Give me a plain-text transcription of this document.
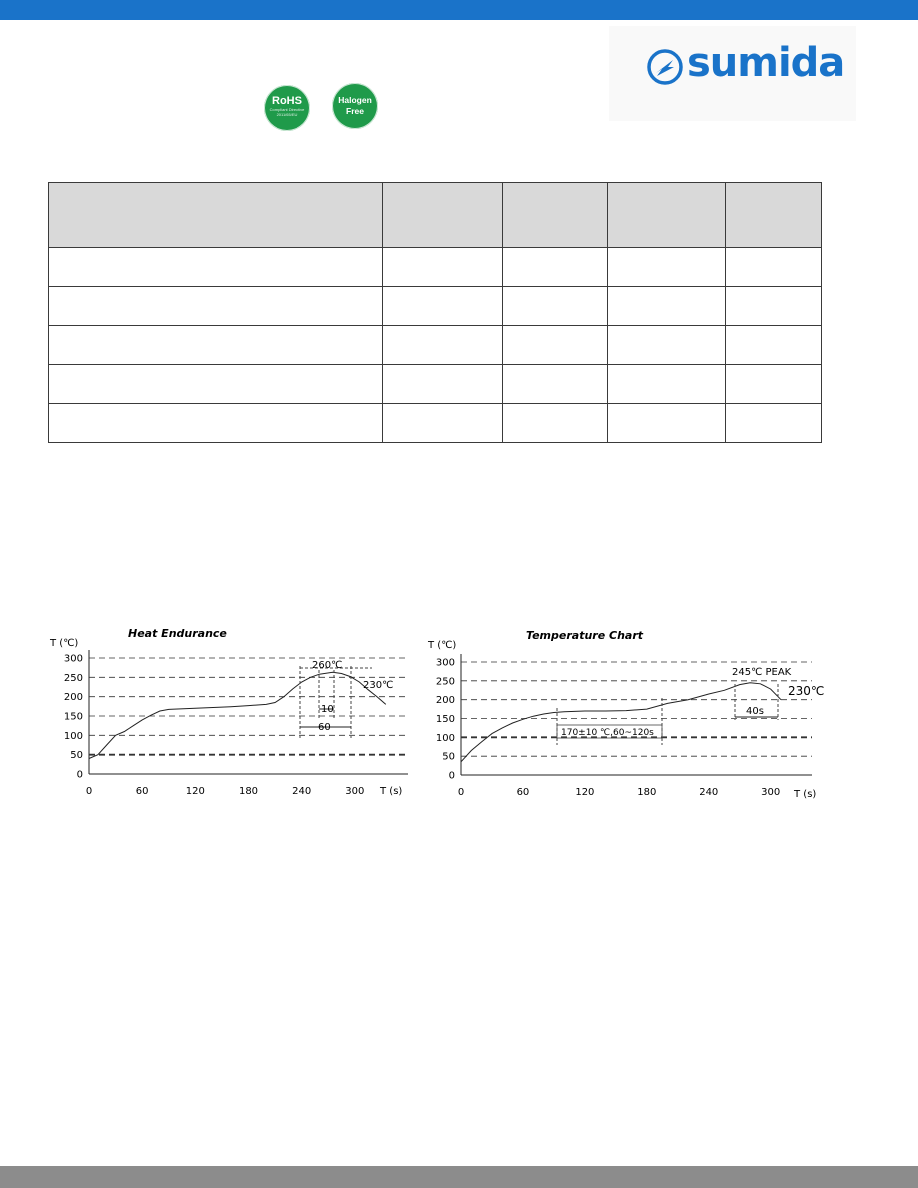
RoHS
Compliant Directive 2011/65/EU
Halogen Free
sumida

Heat Endurance
T (℃)
T (s)
0
50
100
150
200
250
300
0	60	120	180	240	300
260℃
230℃
10
60
Temperature Chart
T (℃)
T (s)
0
50
100
150
200
250
300
0	60	120	180	240	300
245℃ PEAK
230℃
40s
170±10 ℃,60~120s
